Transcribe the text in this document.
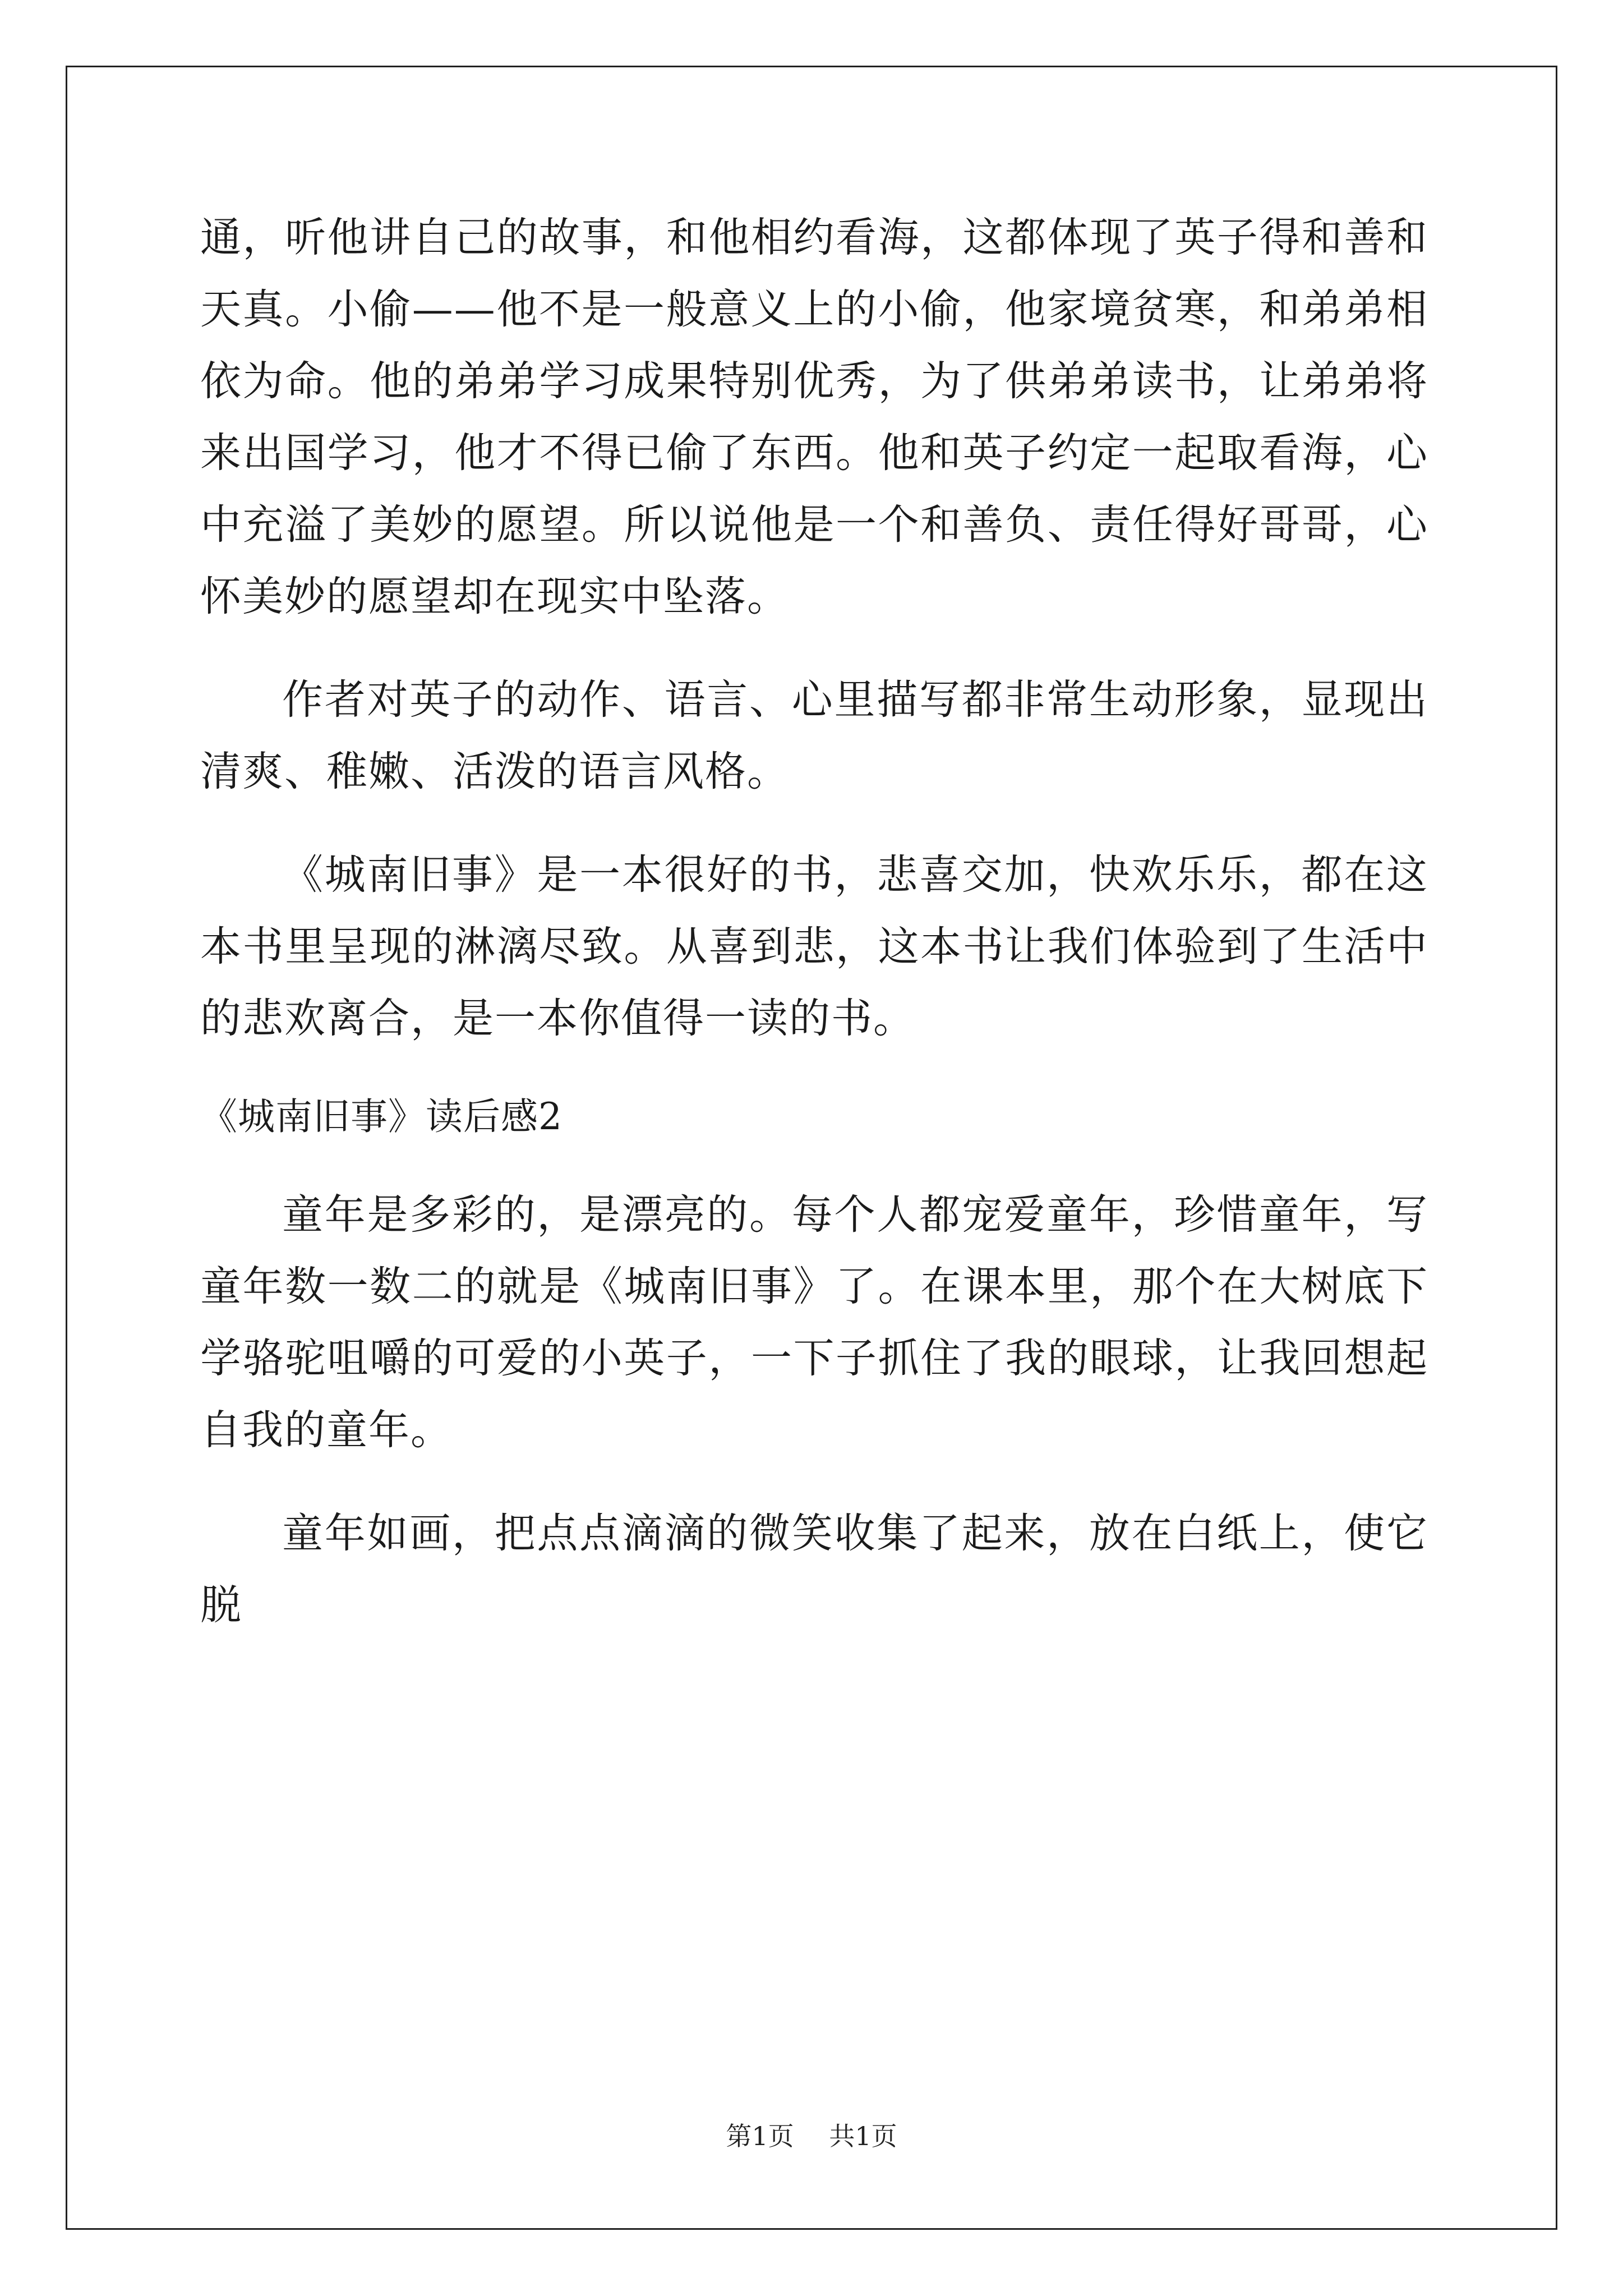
通，听他讲自己的故事，和他相约看海，这都体现了英子得和善和天真。小偷——他不是一般意义上的小偷，他家境贫寒，和弟弟相依为命。他的弟弟学习成果特别优秀，为了供弟弟读书，让弟弟将来出国学习，他才不得已偷了东西。他和英子约定一起取看海，心中充溢了美妙的愿望。所以说他是一个和善负、责任得好哥哥，心怀美妙的愿望却在现实中坠落。

作者对英子的动作、语言、心里描写都非常生动形象，显现出清爽、稚嫩、活泼的语言风格。

《城南旧事》是一本很好的书，悲喜交加，快欢乐乐，都在这本书里呈现的淋漓尽致。从喜到悲，这本书让我们体验到了生活中的悲欢离合，是一本你值得一读的书。

《城南旧事》读后感2

童年是多彩的，是漂亮的。每个人都宠爱童年，珍惜童年，写童年数一数二的就是《城南旧事》了。在课本里，那个在大树底下学骆驼咀嚼的可爱的小英子，一下子抓住了我的眼球，让我回想起自我的童年。

童年如画，把点点滴滴的微笑收集了起来，放在白纸上，使它脱

第1页 共1页
